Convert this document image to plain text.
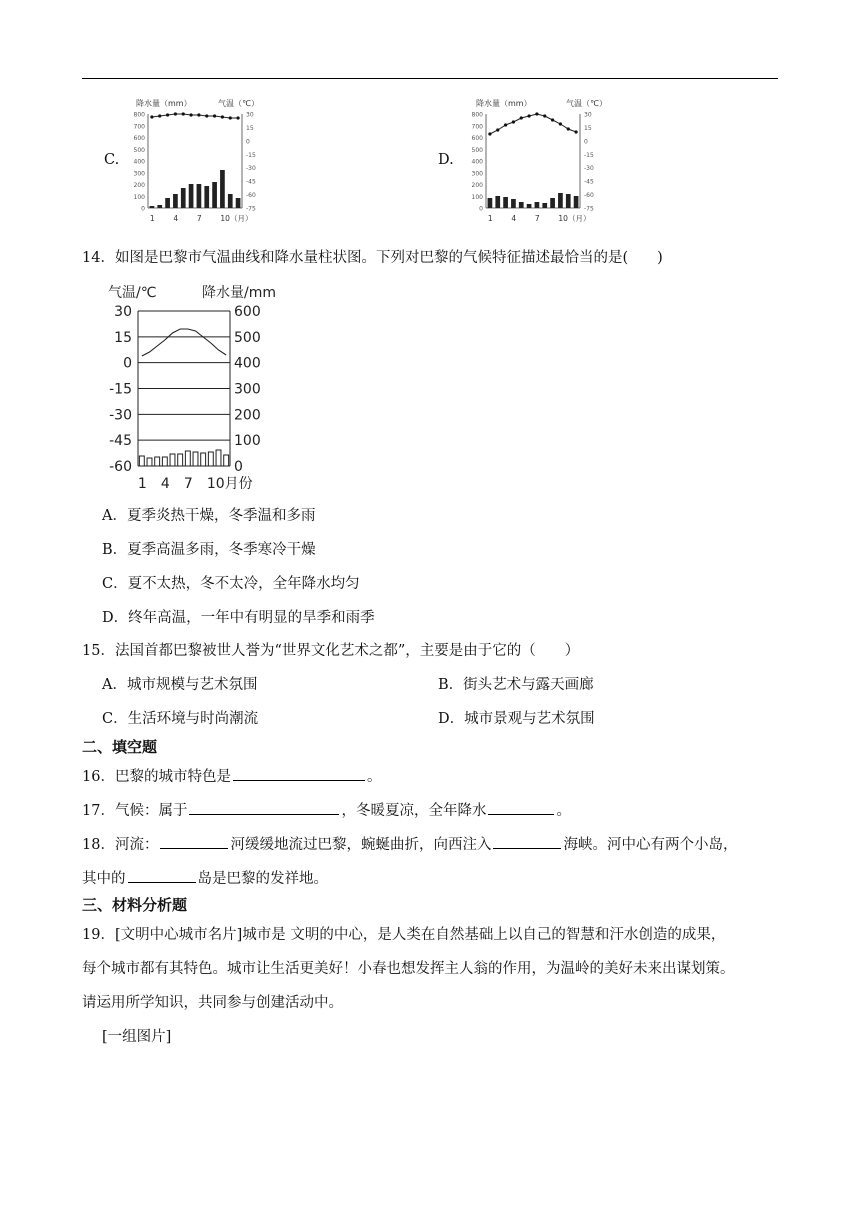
C.
降水量（mm）	气温（℃）
800
700
600
500
400
300
200
100
0
30
15
0
-15
-30
-45
-60
-75
1 4 7 10（月）
D.
降水量（mm）	气温（℃）
800
700
600
500
400
300
200
100
0
30
15
0
-15
-30
-45
-60
-75
1 4 7 10（月）
14．如图是巴黎市气温曲线和降水量柱状图。下列对巴黎的气候特征描述最恰当的是(　　)
气温/℃	降水量/mm
30
15
0
-15
-30
-45
-60
600
500
400
300
200
100
0
1 4 7 10月份
A．夏季炎热干燥，冬季温和多雨
B．夏季高温多雨，冬季寒冷干燥
C．夏不太热，冬不太冷，全年降水均匀
D．终年高温，一年中有明显的旱季和雨季
15．法国首都巴黎被世人誉为“世界文化艺术之都”，主要是由于它的（　　）
A．城市规模与艺术氛围	B．街头艺术与露天画廊
C．生活环境与时尚潮流	D．城市景观与艺术氛围
二、填空题
16．巴黎的城市特色是	。
17．气候：属于	，冬暖夏凉，全年降水	。
18．河流：	河缓缓地流过巴黎，蜿蜒曲折，向西注入	海峡。河中心有两个小岛，
其中的	岛是巴黎的发祥地。
三、材料分析题
19．[文明中心城市名片]城市是 文明的中心，是人类在自然基础上以自己的智慧和汗水创造的成果，
每个城市都有其特色。城市让生活更美好！小春也想发挥主人翁的作用，为温岭的美好未来出谋划策。
请运用所学知识，共同参与创建活动中。
[一组图片]
